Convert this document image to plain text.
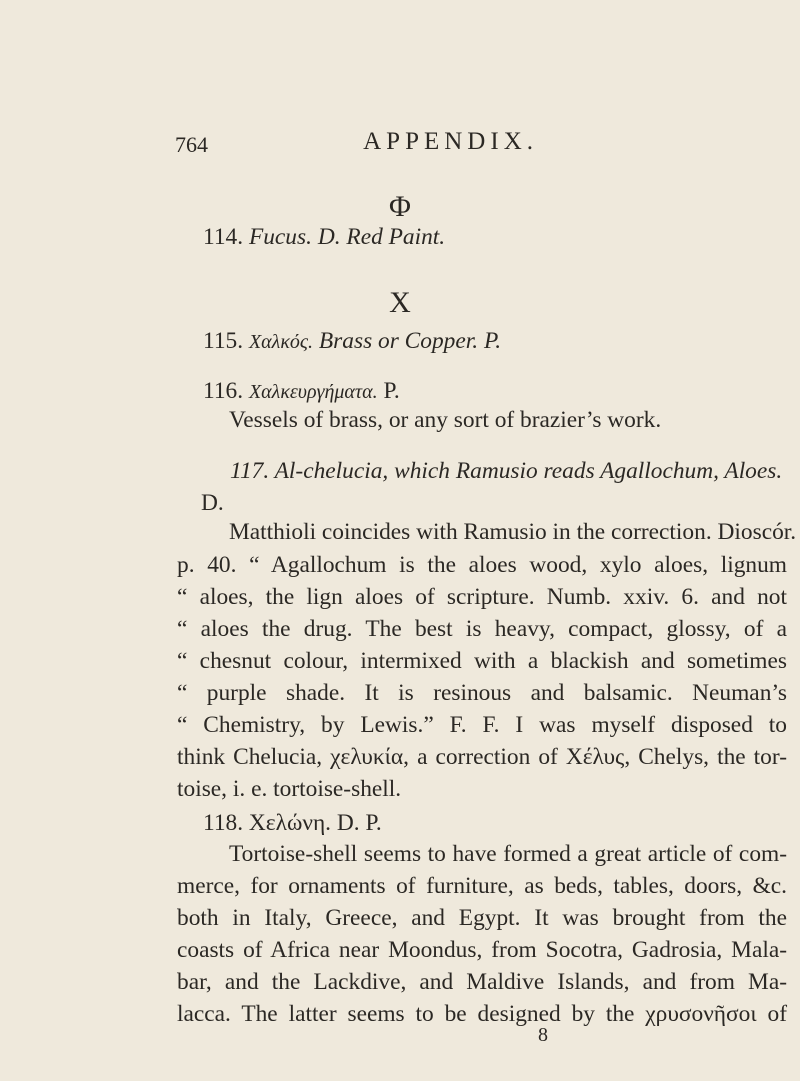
764	APPENDIX.
Φ
114. Fucus. D. Red Paint.
X
115. Χαλκός. Brass or Copper. P.
116. Χαλκευργήματα. P.
Vessels of brass, or any sort of brazier’s work.
117. Al-chelucia, which Ramusio reads Agallochum, Aloes.
D.
Matthioli coincides with Ramusio in the correction. Dioscór.
p. 40. “ Agallochum is the aloes wood, xylo aloes, lignum
“ aloes, the lign aloes of scripture. Numb. xxiv. 6. and not
“ aloes the drug. The best is heavy, compact, glossy, of a
“ chesnut colour, intermixed with a blackish and sometimes
“ purple shade. It is resinous and balsamic. Neuman’s
“ Chemistry, by Lewis.” F. F. I was myself disposed to
think Chelucia, χελυκία, a correction of Χέλυς, Chelys, the tor-
toise, i. e. tortoise-shell.
118. Χελώνη. D. P.
Tortoise-shell seems to have formed a great article of com-
merce, for ornaments of furniture, as beds, tables, doors, &c.
both in Italy, Greece, and Egypt. It was brought from the
coasts of Africa near Moondus, from Socotra, Gadrosia, Mala-
bar, and the Lackdive, and Maldive Islands, and from Ma-
lacca. The latter seems to be designed by the χρυσονῆσοι of
8
